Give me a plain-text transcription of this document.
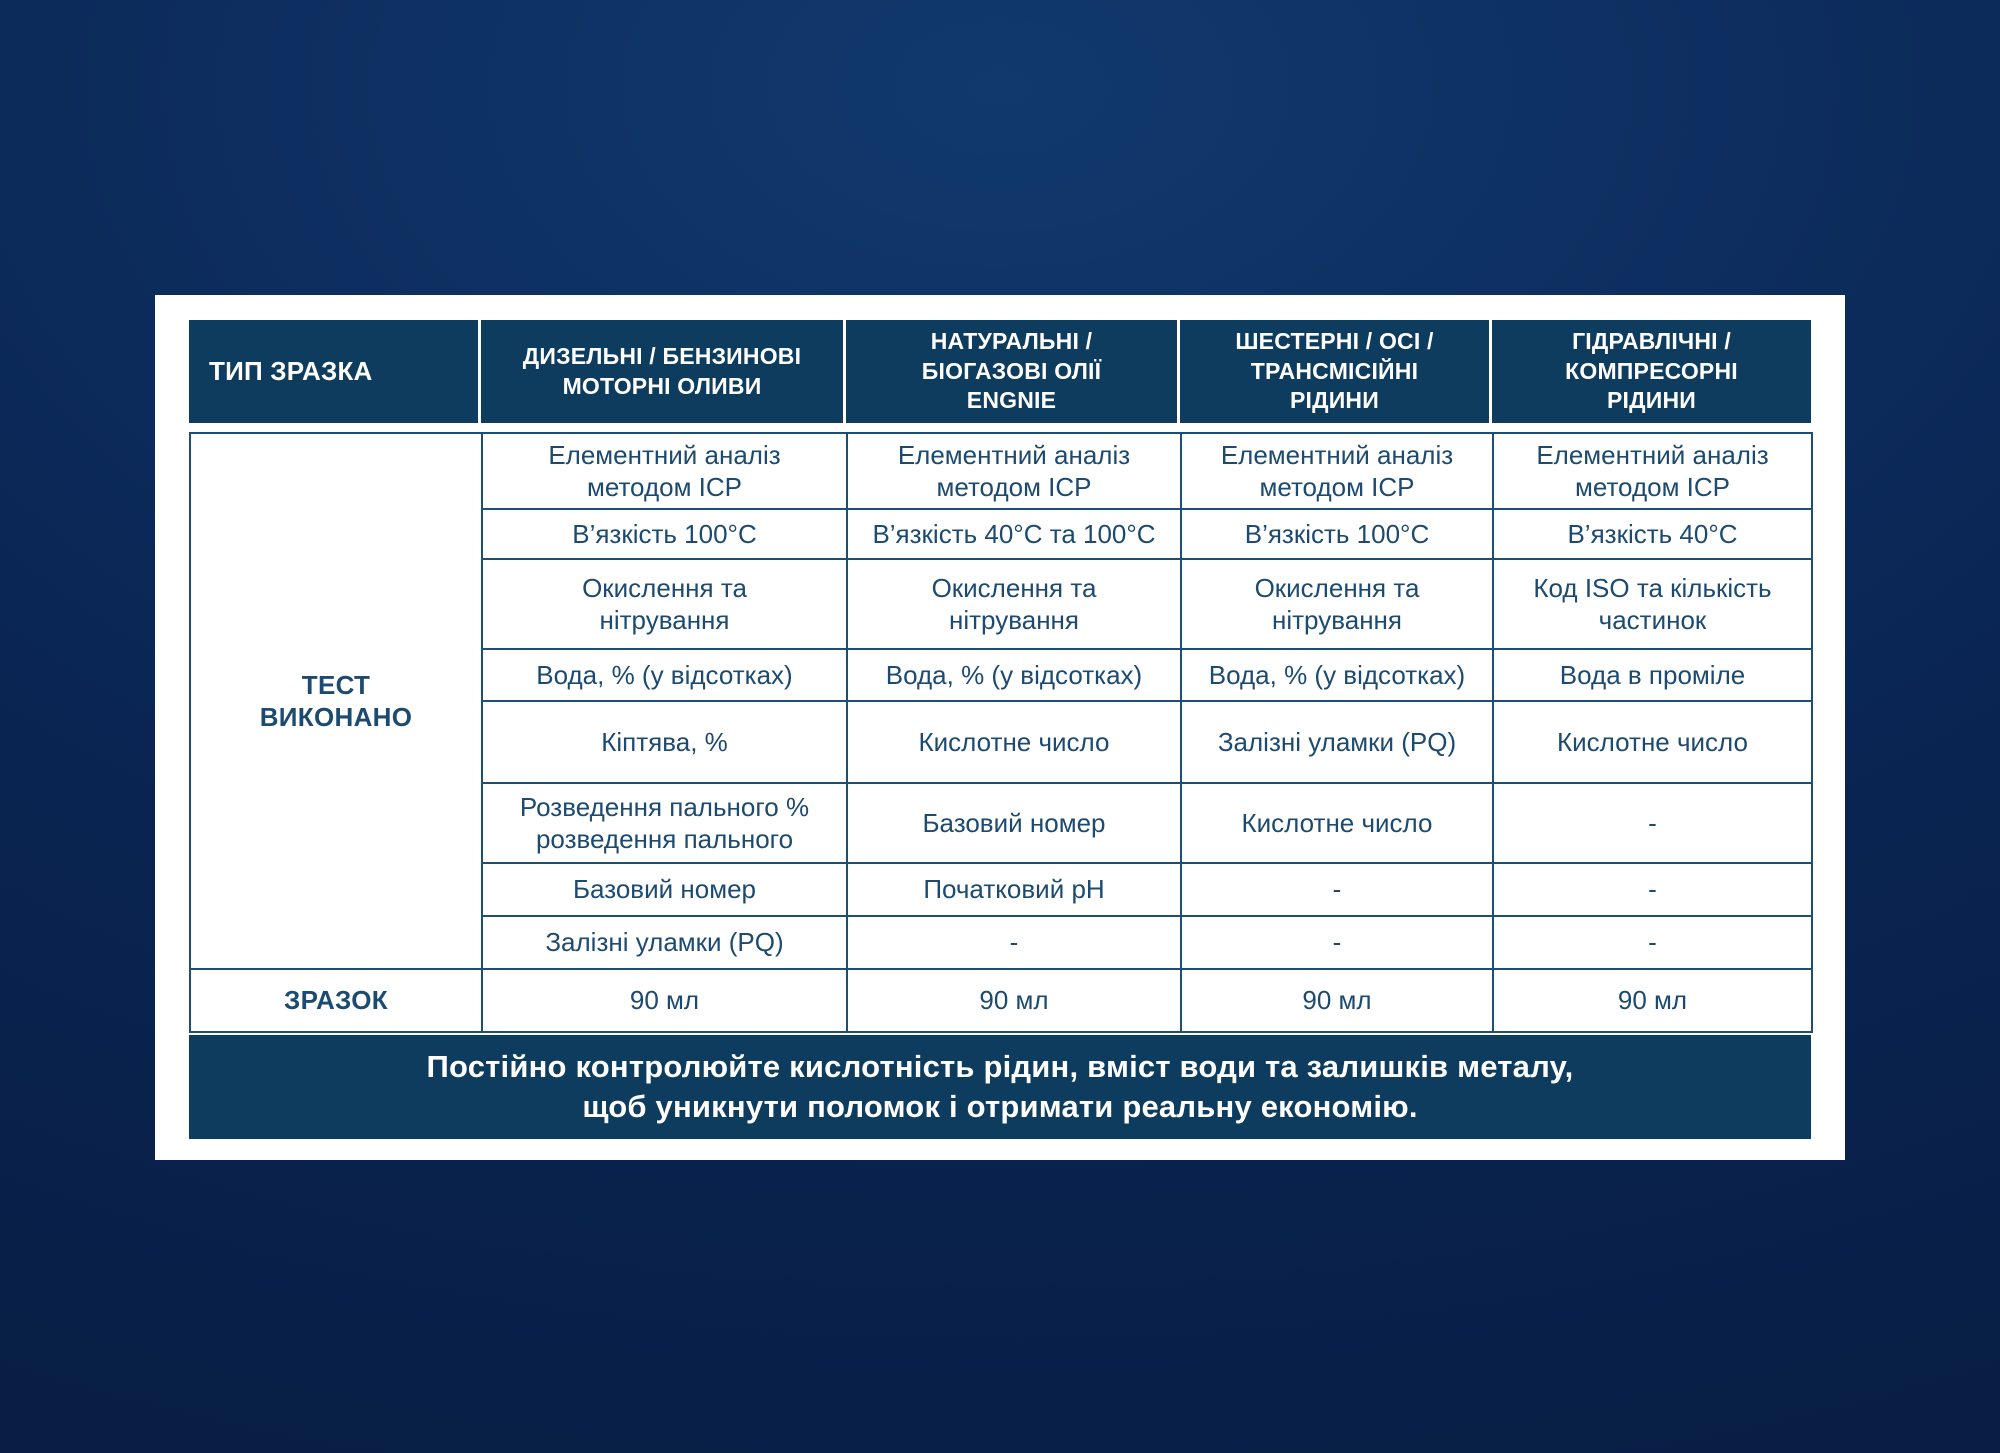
ТИП ЗРАЗКА	ДИЗЕЛЬНІ / БЕНЗИНОВІ
МОТОРНІ ОЛИВИ
НАТУРАЛЬНІ /
БІОГАЗОВІ ОЛІЇ
ENGNIE
ШЕСТЕРНІ / ОСІ /
ТРАНСМІСІЙНІ
РІДИНИ
ГІДРАВЛІЧНІ /
КОМПРЕСОРНІ
РІДИНИ
ТЕСТ
ВИКОНАНО	Елементний аналіз
методом ICP	Елементний аналіз
методом ICP	Елементний аналіз
методом ICP	Елементний аналіз
методом ICP
	В’язкість 100°C	В’язкість 40°C та 100°C	В’язкість 100°C	В’язкість 40°C
	Окислення та
нітрування	Окислення та
нітрування	Окислення та
нітрування	Код ISO та кількість
частинок
	Вода, % (у відсотках)	Вода, % (у відсотках)	Вода, % (у відсотках)	Вода в проміле
	Кіптява, %	Кислотне число	Залізні уламки (PQ)	Кислотне число
	Розведення пального %
розведення пального	Базовий номер	Кислотне число	-
	Базовий номер	Початковий pH	-	-
	Залізні уламки (PQ)	-	-	-
ЗРАЗОК	90 мл	90 мл	90 мл	90 мл
Постійно контролюйте кислотність рідин, вміст води та залишків металу,
щоб уникнути поломок і отримати реальну економію.
